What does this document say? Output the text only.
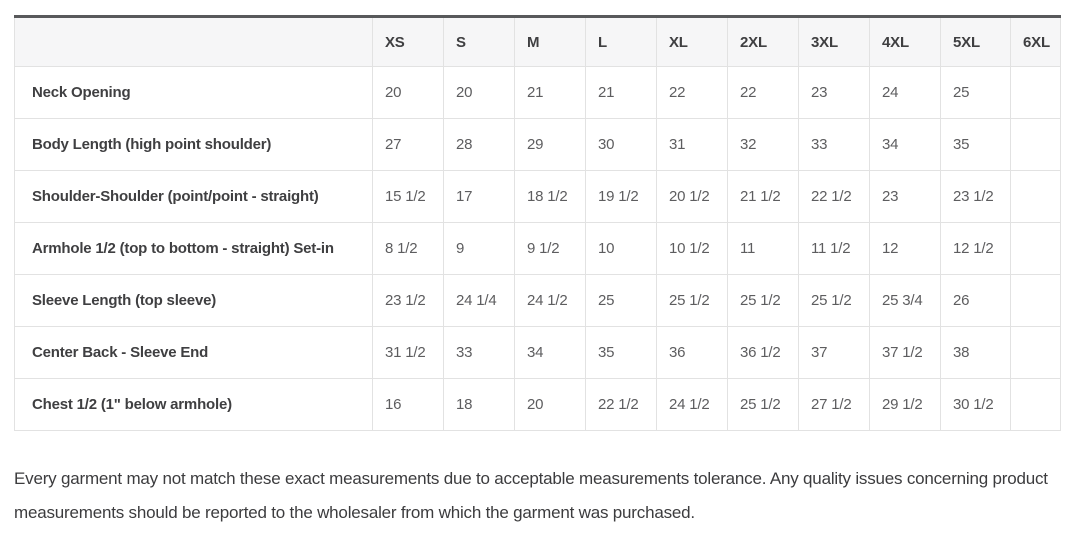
	XS	S	M	L	XL	2XL	3XL	4XL	5XL	6XL
Neck Opening	20	20	21	21	22	22	23	24	25	
Body Length (high point shoulder)	27	28	29	30	31	32	33	34	35	
Shoulder-Shoulder (point/point - straight)	15 1/2	17	18 1/2	19 1/2	20 1/2	21 1/2	22 1/2	23	23 1/2	
Armhole 1/2 (top to bottom - straight) Set-in	8 1/2	9	9 1/2	10	10 1/2	11	11 1/2	12	12 1/2	
Sleeve Length (top sleeve)	23 1/2	24 1/4	24 1/2	25	25 1/2	25 1/2	25 1/2	25 3/4	26	
Center Back - Sleeve End	31 1/2	33	34	35	36	36 1/2	37	37 1/2	38	
Chest 1/2 (1" below armhole)	16	18	20	22 1/2	24 1/2	25 1/2	27 1/2	29 1/2	30 1/2	

Every garment may not match these exact measurements due to acceptable measurements tolerance. Any quality issues concerning product measurements should be reported to the wholesaler from which the garment was purchased.
